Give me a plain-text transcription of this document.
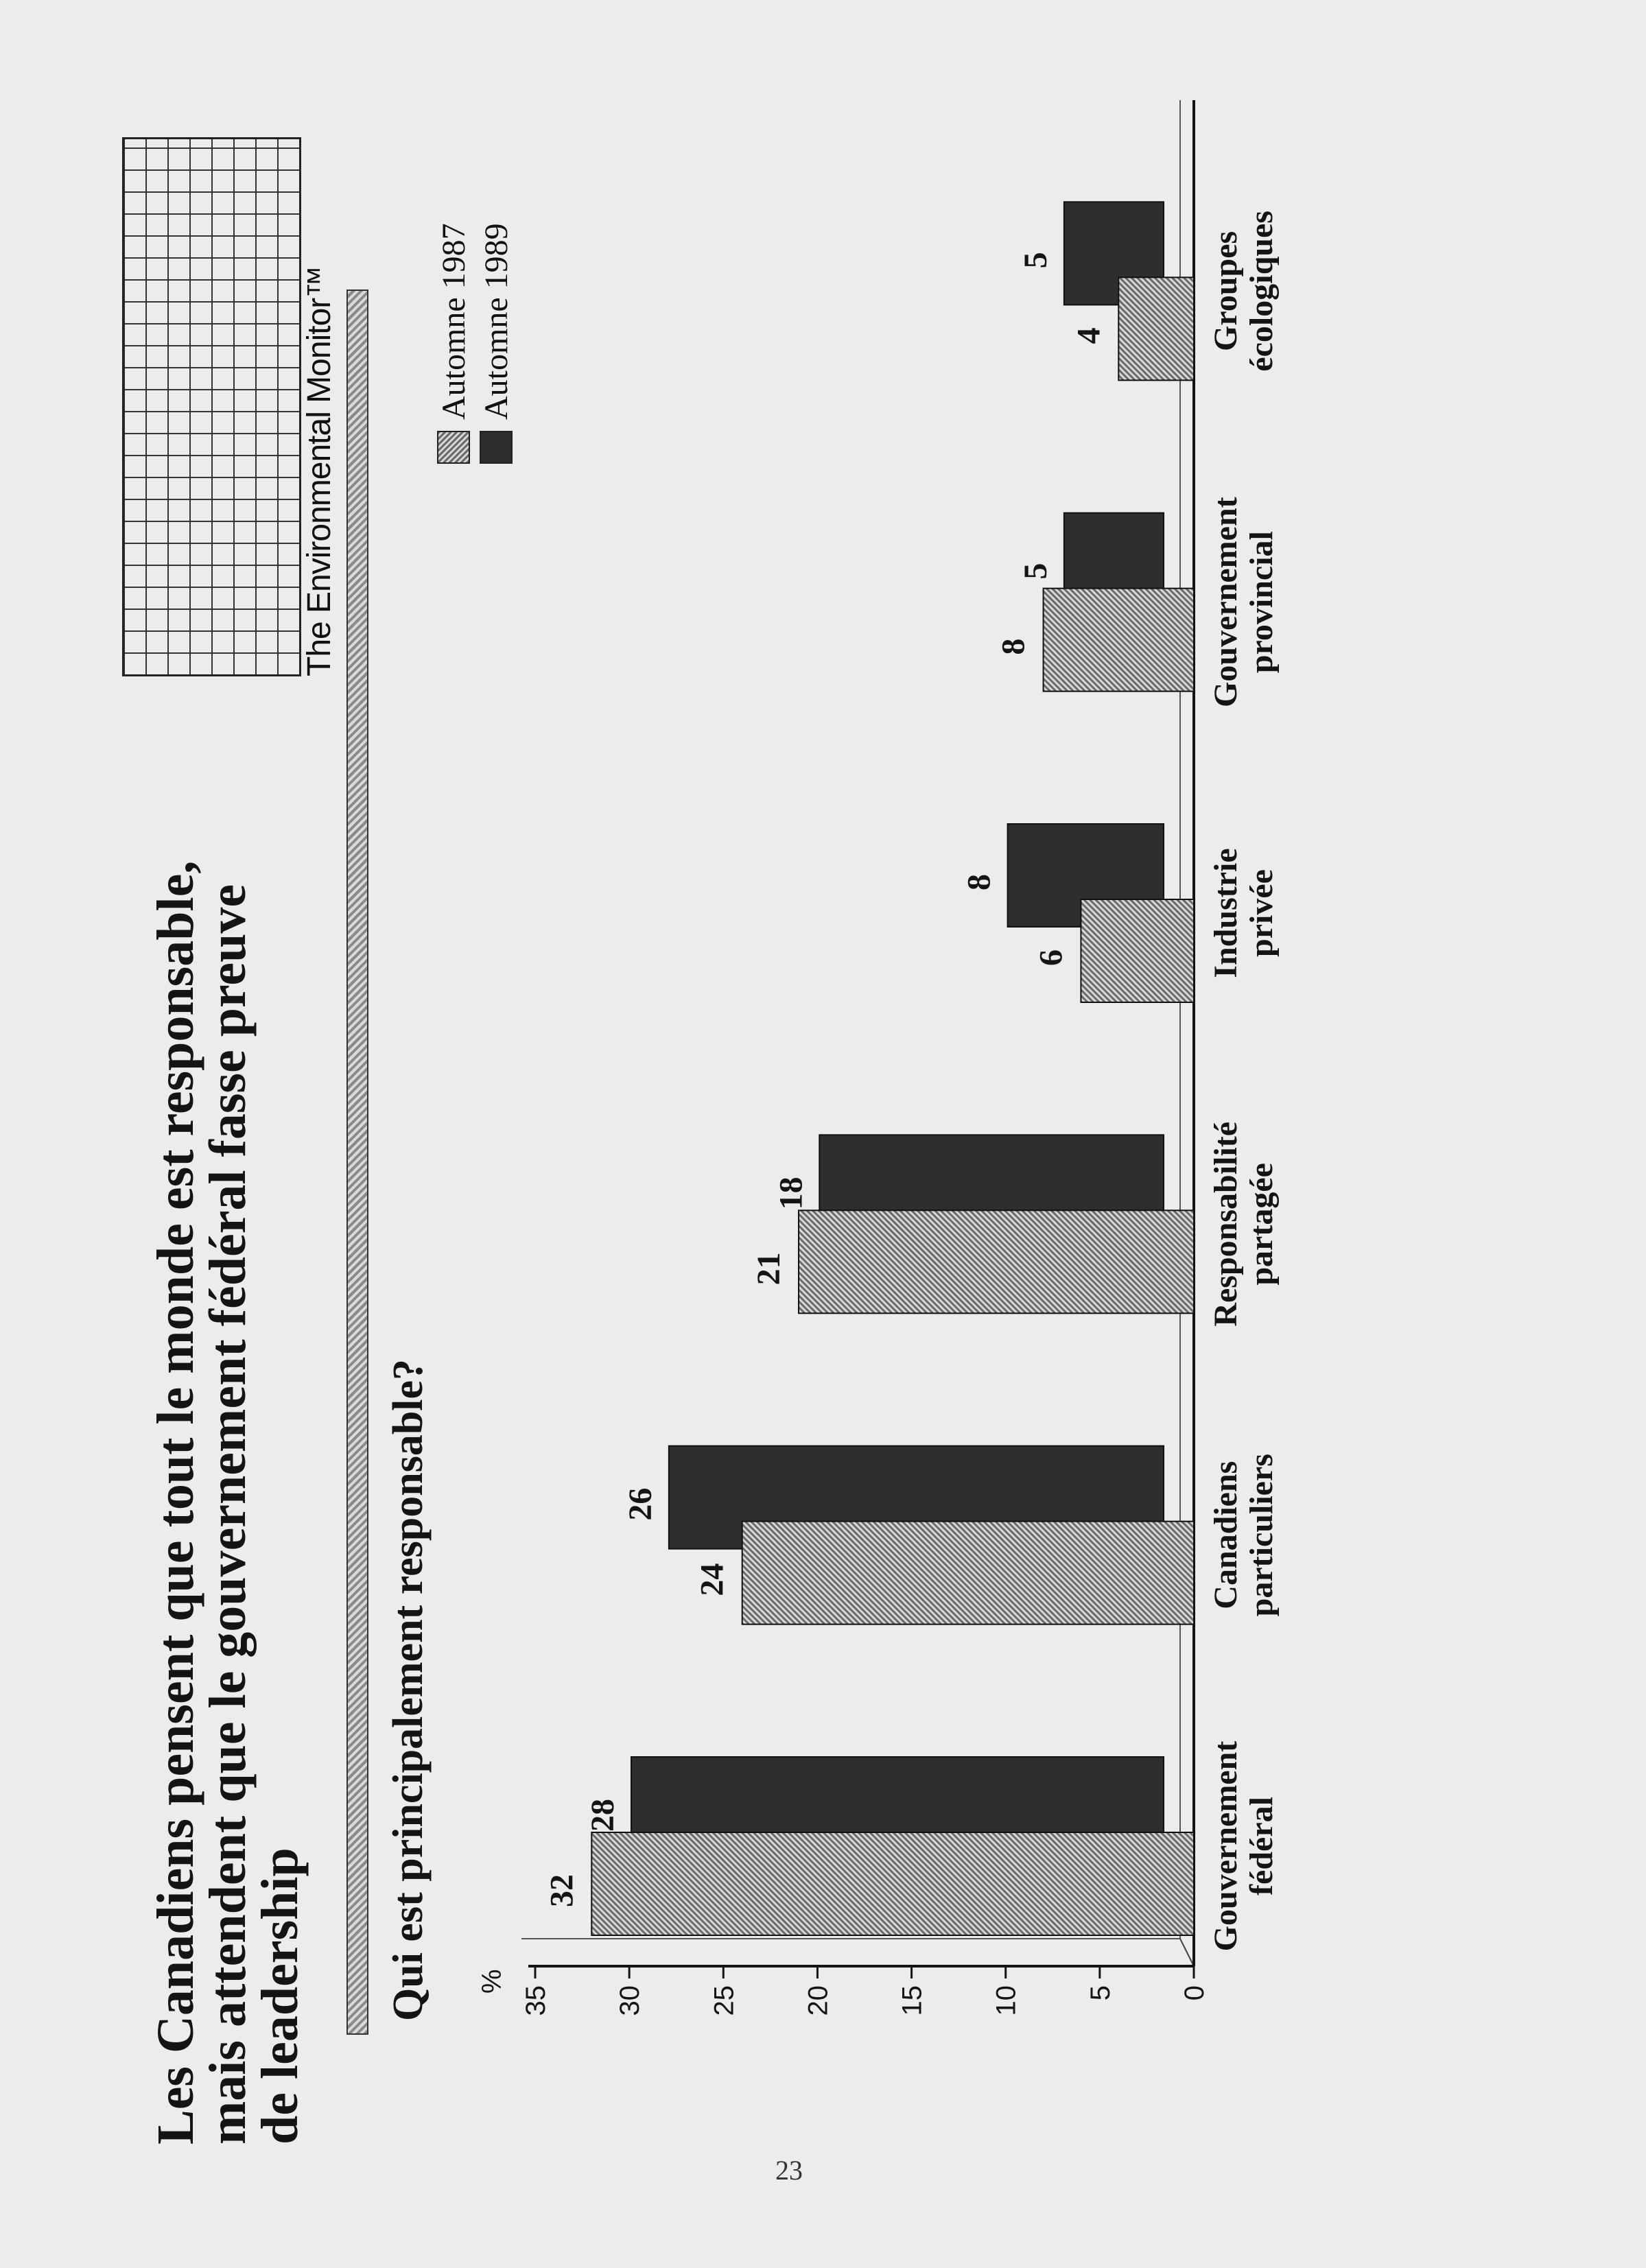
Les Canadiens pensent que tout le monde est responsable,
mais attendent que le gouvernement fédéral fasse preuve
de leadership Qui est principalement responsable?
The Environmental Monitor™	Automne 1987 Automne 1989
%	0
5
10
15
20
25
30
35
32
28	Gouvernement fédéral
24
26	Canadiens particuliers
21
18	Responsabilité partagée
6
8	Industrie privée
8
5	Gouvernement provincial
4
5	Groupes écologiques
23
